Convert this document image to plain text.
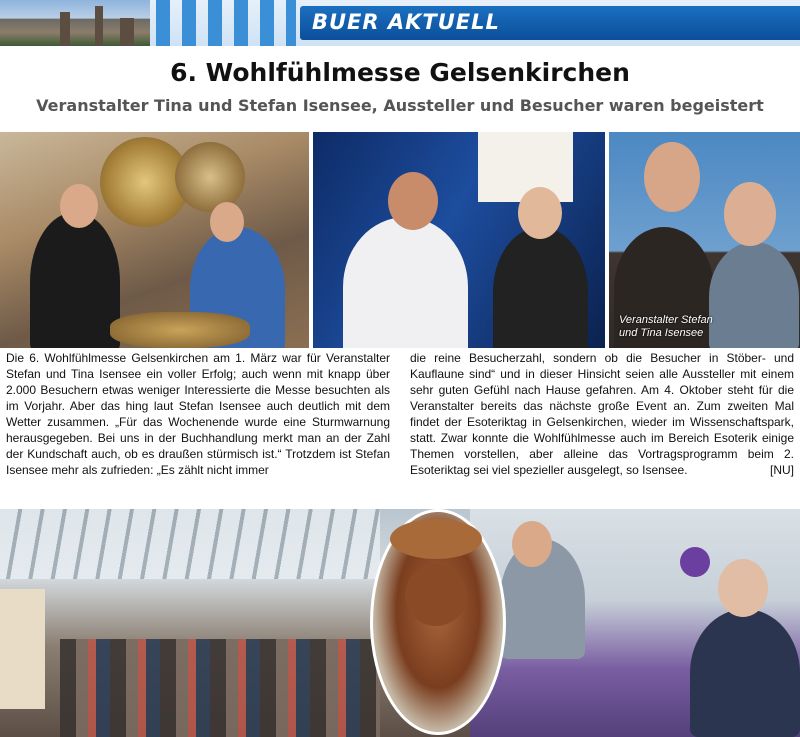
BUER AKTUELL
6. Wohlfühlmesse Gelsenkirchen
Veranstalter Tina und Stefan Isensee, Aussteller und Besucher waren begeistert
Veranstalter Stefan und Tina Isensee

Die 6. Wohlfühlmesse Gelsenkirchen am 1. März war für Veranstalter Stefan und Tina Isensee ein voller Erfolg; auch wenn mit knapp über 2.000 Besuchern etwas weniger Interessierte die Messe besuchten als im Vorjahr. Aber das hing laut Stefan Isensee auch deutlich mit dem Wetter zusammen. „Für das Wochenende wurde eine Sturmwarnung herausgegeben. Bei uns in der Buchhandlung merkt man an der Zahl der Kundschaft auch, ob es draußen stürmisch ist.“ Trotzdem ist Stefan Isensee mehr als zufrieden: „Es zählt nicht immer

die reine Besucherzahl, sondern ob die Besucher in Stöber- und Kauflaune sind“ und in dieser Hinsicht seien alle Aussteller mit einem sehr guten Gefühl nach Hause gefahren. Am 4. Oktober steht für die Veranstalter bereits das nächste große Event an. Zum zweiten Mal findet der Esoteriktag in Gelsenkirchen, wieder im Wissenschaftspark, statt. Zwar konnte die Wohlfühlmesse auch im Bereich Esoterik einige Themen vorstellen, aber alleine das Vortragsprogramm beim 2. Esoteriktag sei viel spezieller ausgelegt, so Isensee.	[NU]
